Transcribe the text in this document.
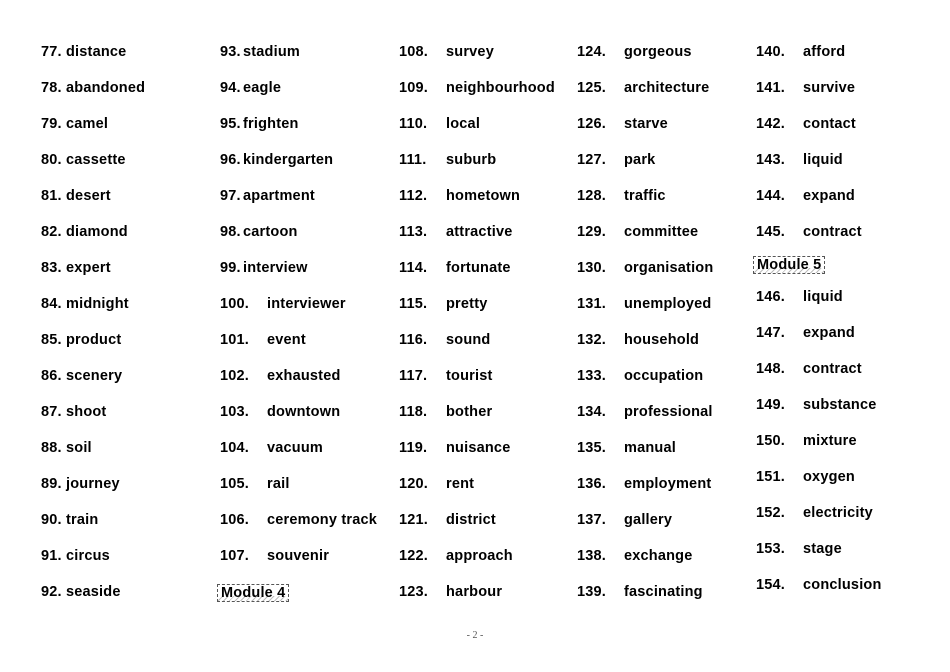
77. distance
78. abandoned
79. camel
80. cassette
81. desert
82. diamond
83. expert
84. midnight
85. product
86. scenery
87. shoot
88. soil
89. journey
90. train
91. circus
92. seaside
93. stadium
94. eagle
95. frighten
96. kindergarten
97. apartment
98. cartoon
99. interview
100.	interviewer
101.	event
102.	exhausted
103.	downtown
104.	vacuum
105.	rail
106.	ceremony track
107.	souvenir
Module 4
108.	survey
109.	neighbourhood
110.	local
111.	suburb
112.	hometown
113.	attractive
114.	fortunate
115.	pretty
116.	sound
117.	tourist
118.	bother
119.	nuisance
120.	rent
121.	district
122.	approach
123.	harbour
124.	gorgeous
125.	architecture
126.	starve
127.	park
128.	traffic
129.	committee
130.	organisation
131.	unemployed
132.	household
133.	occupation
134.	professional
135.	manual
136.	employment
137.	gallery
138.	exchange
139.	fascinating
140.	afford
141.	survive
142.	contact
143.	liquid
144.	expand
145.	contract
Module 5
146.	liquid
147.	expand
148.	contract
149.	substance
150.	mixture
151.	oxygen
152.	electricity
153.	stage
154.	conclusion
- 2 -
